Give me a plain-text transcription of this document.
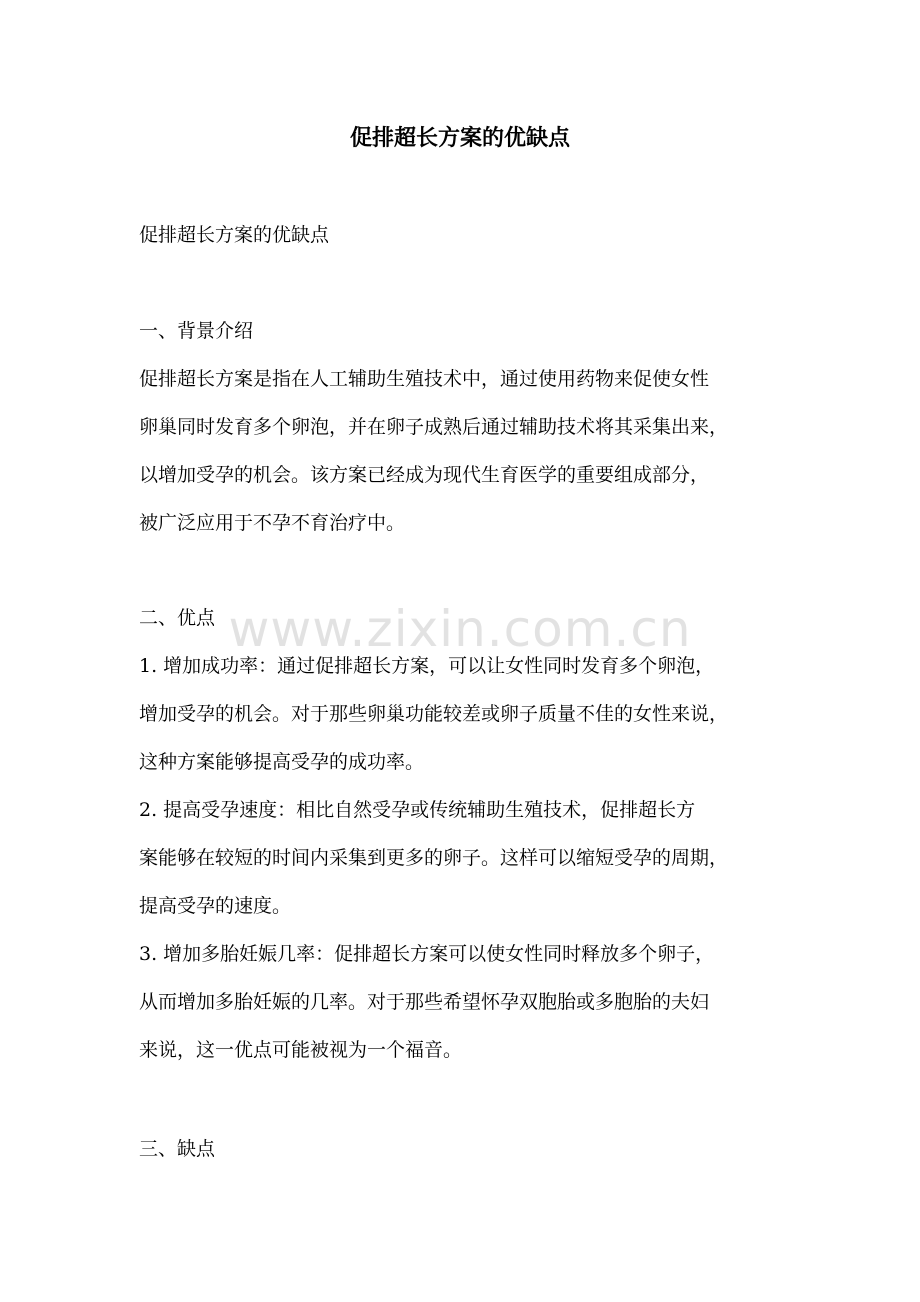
促排超长方案的优缺点

促排超长方案的优缺点

一、背景介绍

促排超长方案是指在人工辅助生殖技术中，通过使用药物来促使女性

卵巢同时发育多个卵泡，并在卵子成熟后通过辅助技术将其采集出来，

以增加受孕的机会。该方案已经成为现代生育医学的重要组成部分，

被广泛应用于不孕不育治疗中。

二、优点

1. 增加成功率：通过促排超长方案，可以让女性同时发育多个卵泡，

增加受孕的机会。对于那些卵巢功能较差或卵子质量不佳的女性来说，

这种方案能够提高受孕的成功率。

2. 提高受孕速度：相比自然受孕或传统辅助生殖技术，促排超长方

案能够在较短的时间内采集到更多的卵子。这样可以缩短受孕的周期，

提高受孕的速度。

3. 增加多胎妊娠几率：促排超长方案可以使女性同时释放多个卵子，

从而增加多胎妊娠的几率。对于那些希望怀孕双胞胎或多胞胎的夫妇

来说，这一优点可能被视为一个福音。

三、缺点

www.zixin.com.cn
